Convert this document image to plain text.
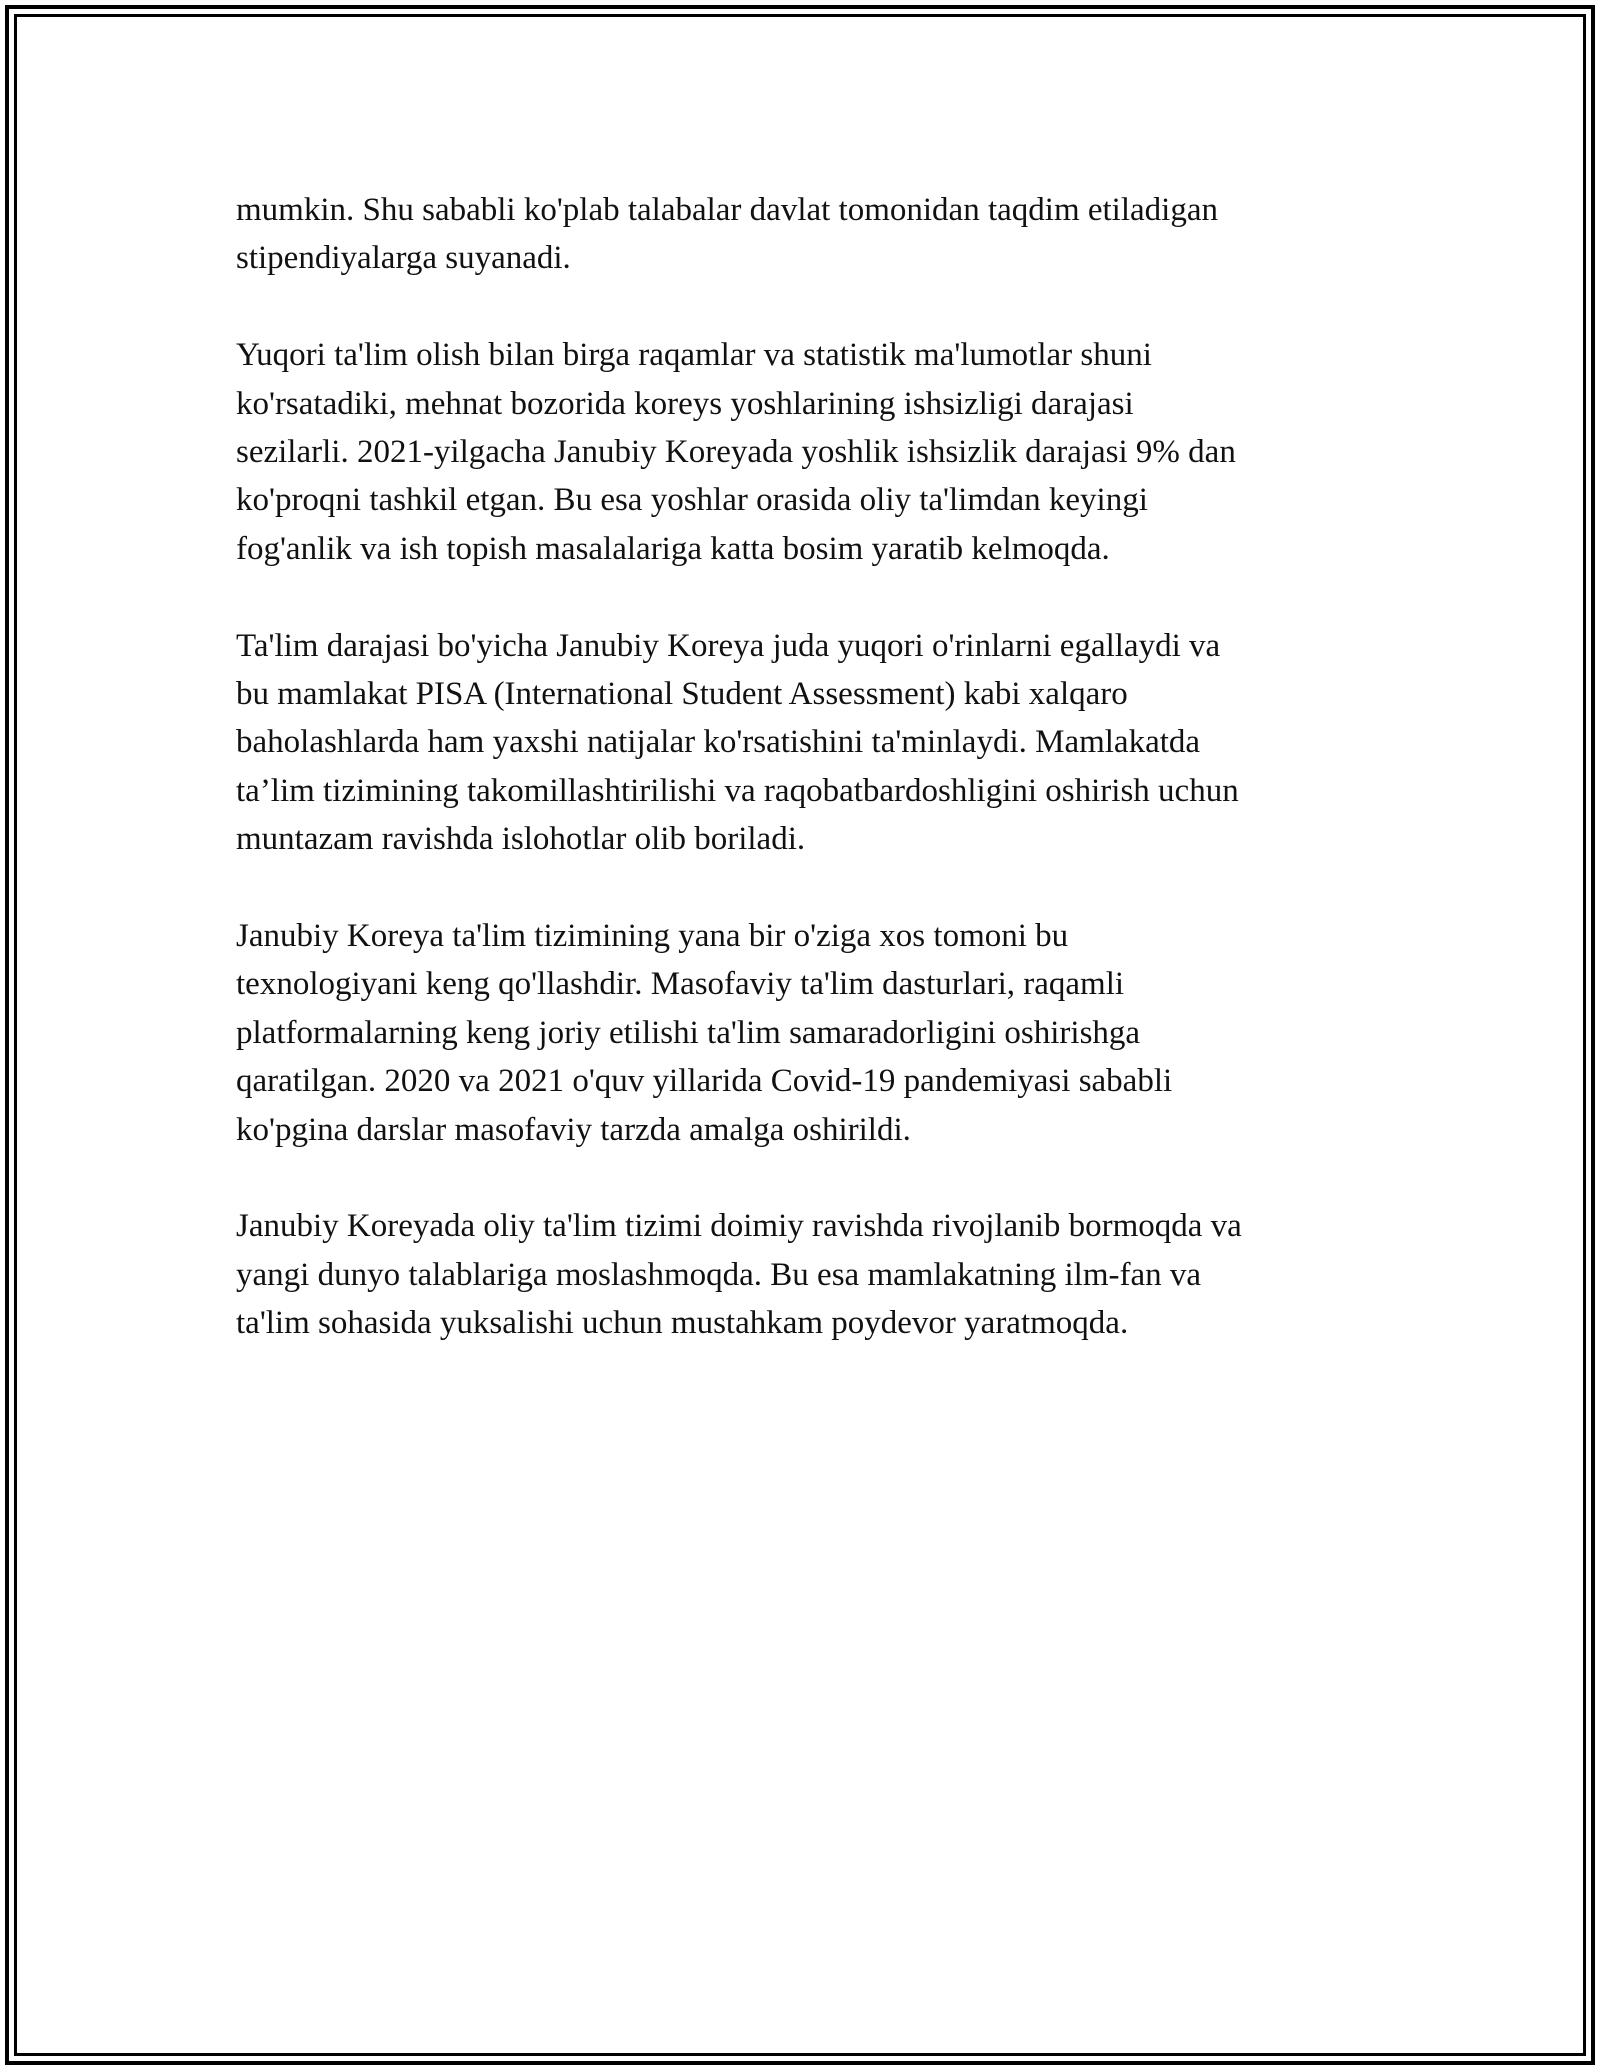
mumkin. Shu sababli ko'plab talabalar davlat tomonidan taqdim etiladigan
stipendiyalarga suyanadi.

Yuqori ta'lim olish bilan birga raqamlar va statistik ma'lumotlar shuni
ko'rsatadiki, mehnat bozorida koreys yoshlarining ishsizligi darajasi
sezilarli. 2021-yilgacha Janubiy Koreyada yoshlik ishsizlik darajasi 9% dan
ko'proqni tashkil etgan. Bu esa yoshlar orasida oliy ta'limdan keyingi
fog'anlik va ish topish masalalariga katta bosim yaratib kelmoqda.

Ta'lim darajasi bo'yicha Janubiy Koreya juda yuqori o'rinlarni egallaydi va
bu mamlakat PISA (International Student Assessment) kabi xalqaro
baholashlarda ham yaxshi natijalar ko'rsatishini ta'minlaydi. Mamlakatda
ta’lim tizimining takomillashtirilishi va raqobatbardoshligini oshirish uchun
muntazam ravishda islohotlar olib boriladi.

Janubiy Koreya ta'lim tizimining yana bir o'ziga xos tomoni bu
texnologiyani keng qo'llashdir. Masofaviy ta'lim dasturlari, raqamli
platformalarning keng joriy etilishi ta'lim samaradorligini oshirishga
qaratilgan. 2020 va 2021 o'quv yillarida Covid-19 pandemiyasi sababli
ko'pgina darslar masofaviy tarzda amalga oshirildi.

Janubiy Koreyada oliy ta'lim tizimi doimiy ravishda rivojlanib bormoqda va
yangi dunyo talablariga moslashmoqda. Bu esa mamlakatning ilm-fan va
ta'lim sohasida yuksalishi uchun mustahkam poydevor yaratmoqda.
